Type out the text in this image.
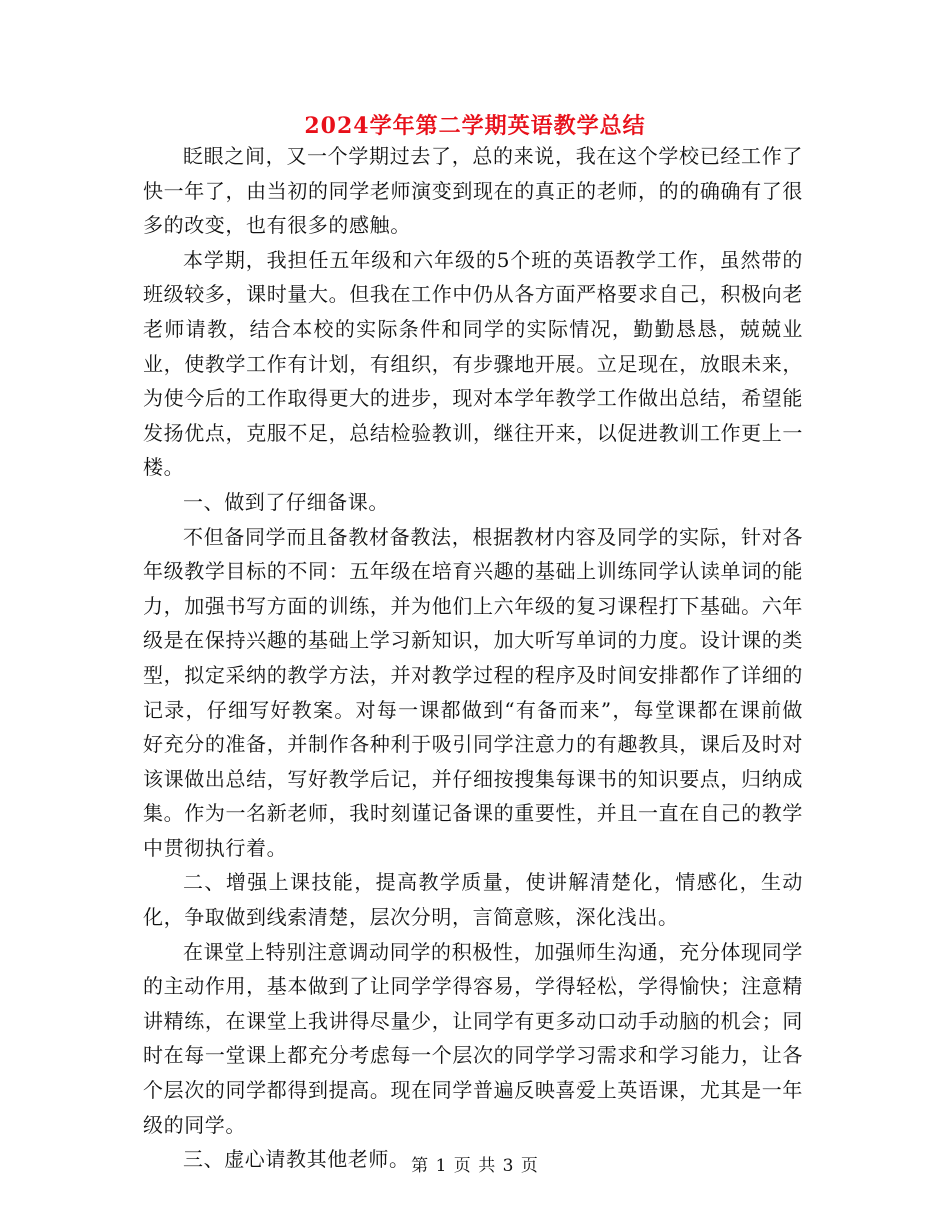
2024学年第二学期英语教学总结

眨眼之间，又一个学期过去了，总的来说，我在这个学校已经工作了快一年了，由当初的同学老师演变到现在的真正的老师，的的确确有了很多的改变，也有很多的感触。

本学期，我担任五年级和六年级的5个班的英语教学工作，虽然带的班级较多，课时量大。但我在工作中仍从各方面严格要求自己，积极向老老师请教，结合本校的实际条件和同学的实际情况，勤勤恳恳，兢兢业业，使教学工作有计划，有组织，有步骤地开展。立足现在，放眼未来，为使今后的工作取得更大的进步，现对本学年教学工作做出总结，希望能发扬优点，克服不足，总结检验教训，继往开来，以促进教训工作更上一楼。

一、做到了仔细备课。

不但备同学而且备教材备教法，根据教材内容及同学的实际，针对各年级教学目标的不同：五年级在培育兴趣的基础上训练同学认读单词的能力，加强书写方面的训练，并为他们上六年级的复习课程打下基础。六年级是在保持兴趣的基础上学习新知识，加大听写单词的力度。设计课的类型，拟定采纳的教学方法，并对教学过程的程序及时间安排都作了详细的记录，仔细写好教案。对每一课都做到“有备而来”，每堂课都在课前做好充分的准备，并制作各种利于吸引同学注意力的有趣教具，课后及时对该课做出总结，写好教学后记，并仔细按搜集每课书的知识要点，归纳成集。作为一名新老师，我时刻谨记备课的重要性，并且一直在自己的教学中贯彻执行着。

二、增强上课技能，提高教学质量，使讲解清楚化，情感化，生动化，争取做到线索清楚，层次分明，言简意赅，深化浅出。

在课堂上特别注意调动同学的积极性，加强师生沟通，充分体现同学的主动作用，基本做到了让同学学得容易，学得轻松，学得愉快；注意精讲精练，在课堂上我讲得尽量少，让同学有更多动口动手动脑的机会；同时在每一堂课上都充分考虑每一个层次的同学学习需求和学习能力，让各个层次的同学都得到提高。现在同学普遍反映喜爱上英语课，尤其是一年级的同学。

三、虚心请教其他老师。 第 1 页 共 3 页
